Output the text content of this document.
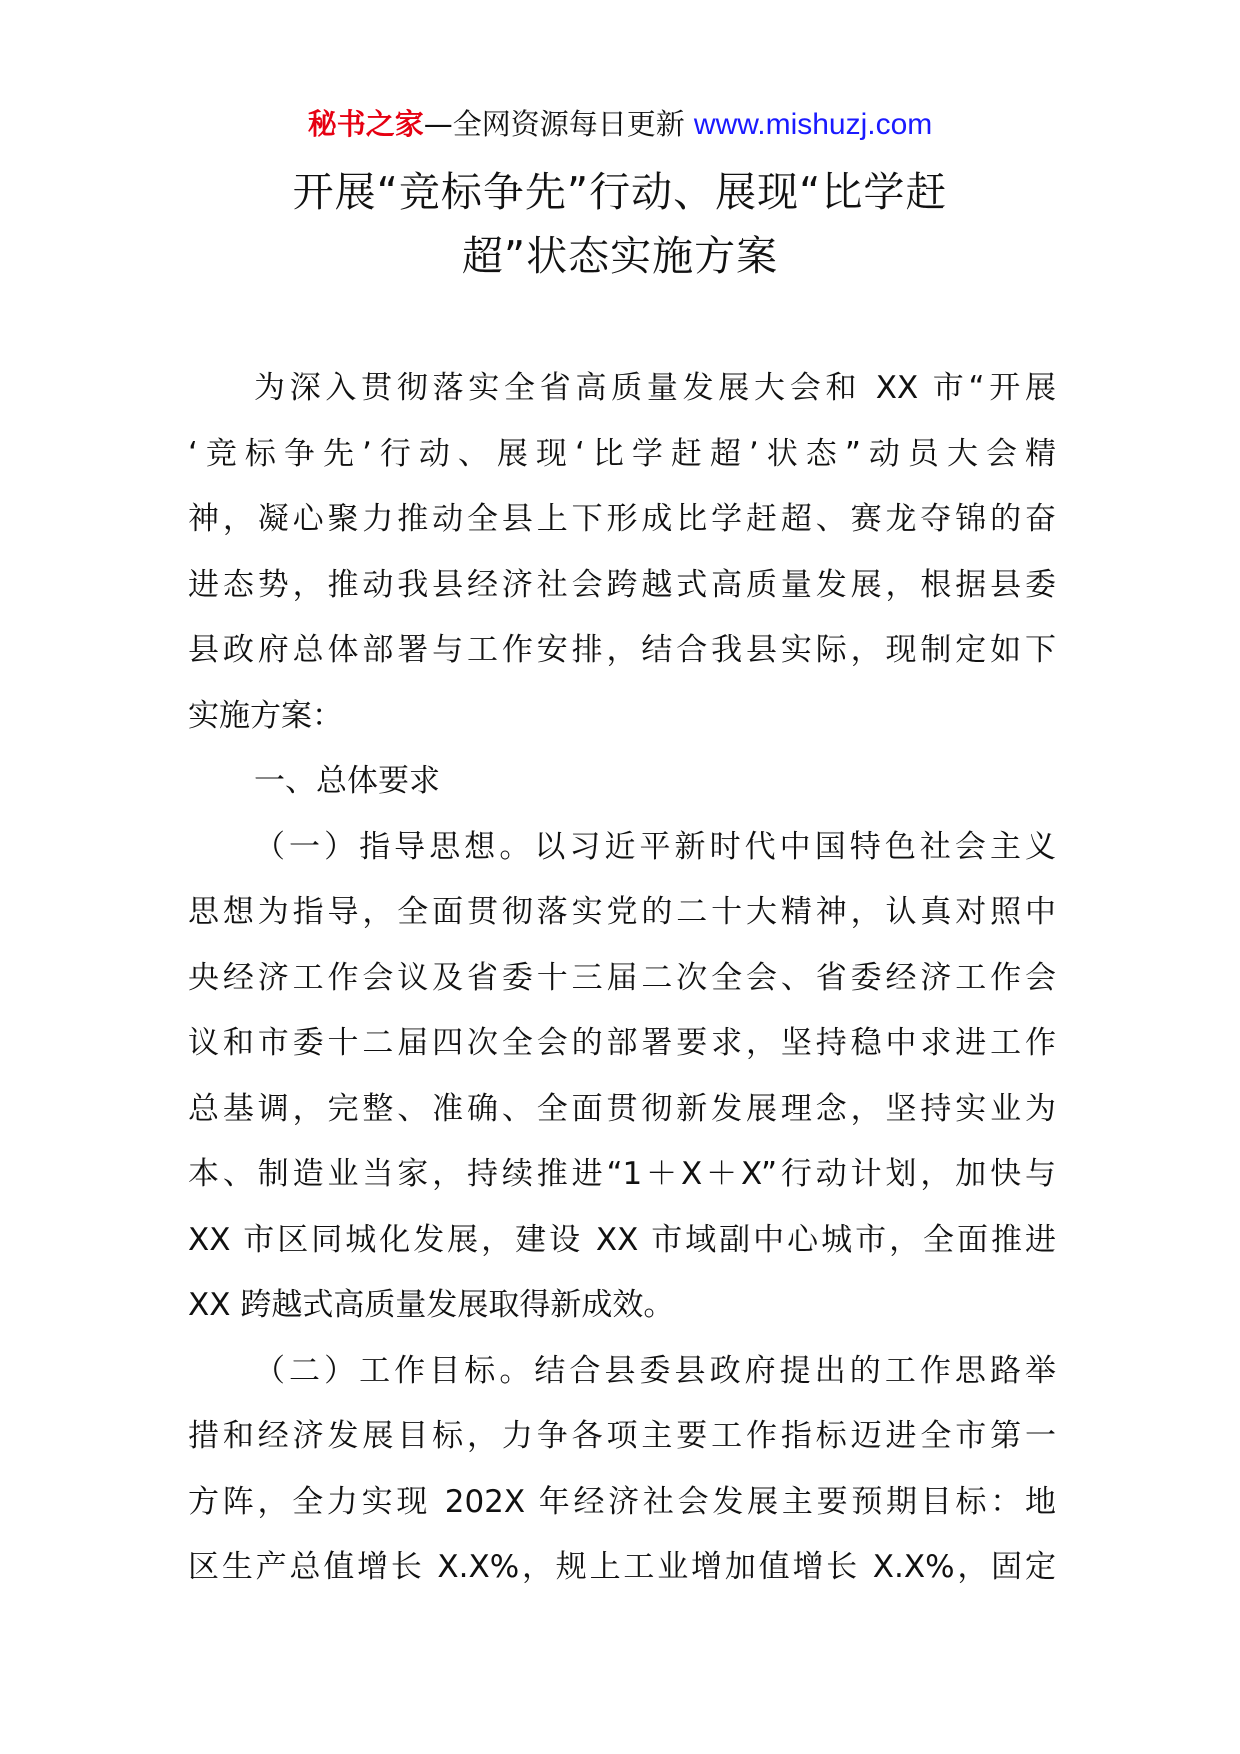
秘书之家—全网资源每日更新 www.mishuzj.com
开展“竞标争先”行动、展现“比学赶
超”状态实施方案
为深入贯彻落实全省高质量发展大会和 XX 市“开展
‘竞标争先’行动、展现‘比学赶超’状态”动员大会精
神，凝心聚力推动全县上下形成比学赶超、赛龙夺锦的奋
进态势，推动我县经济社会跨越式高质量发展，根据县委
县政府总体部署与工作安排，结合我县实际，现制定如下
实施方案：
一、总体要求
（一）指导思想。以习近平新时代中国特色社会主义
思想为指导，全面贯彻落实党的二十大精神，认真对照中
央经济工作会议及省委十三届二次全会、省委经济工作会
议和市委十二届四次全会的部署要求，坚持稳中求进工作
总基调，完整、准确、全面贯彻新发展理念，坚持实业为
本、制造业当家，持续推进“1＋X＋X”行动计划，加快与
XX 市区同城化发展，建设 XX 市域副中心城市，全面推进
XX 跨越式高质量发展取得新成效。
（二）工作目标。结合县委县政府提出的工作思路举
措和经济发展目标，力争各项主要工作指标迈进全市第一
方阵，全力实现 202X 年经济社会发展主要预期目标：地
区生产总值增长 X.X%，规上工业增加值增长 X.X%，固定
